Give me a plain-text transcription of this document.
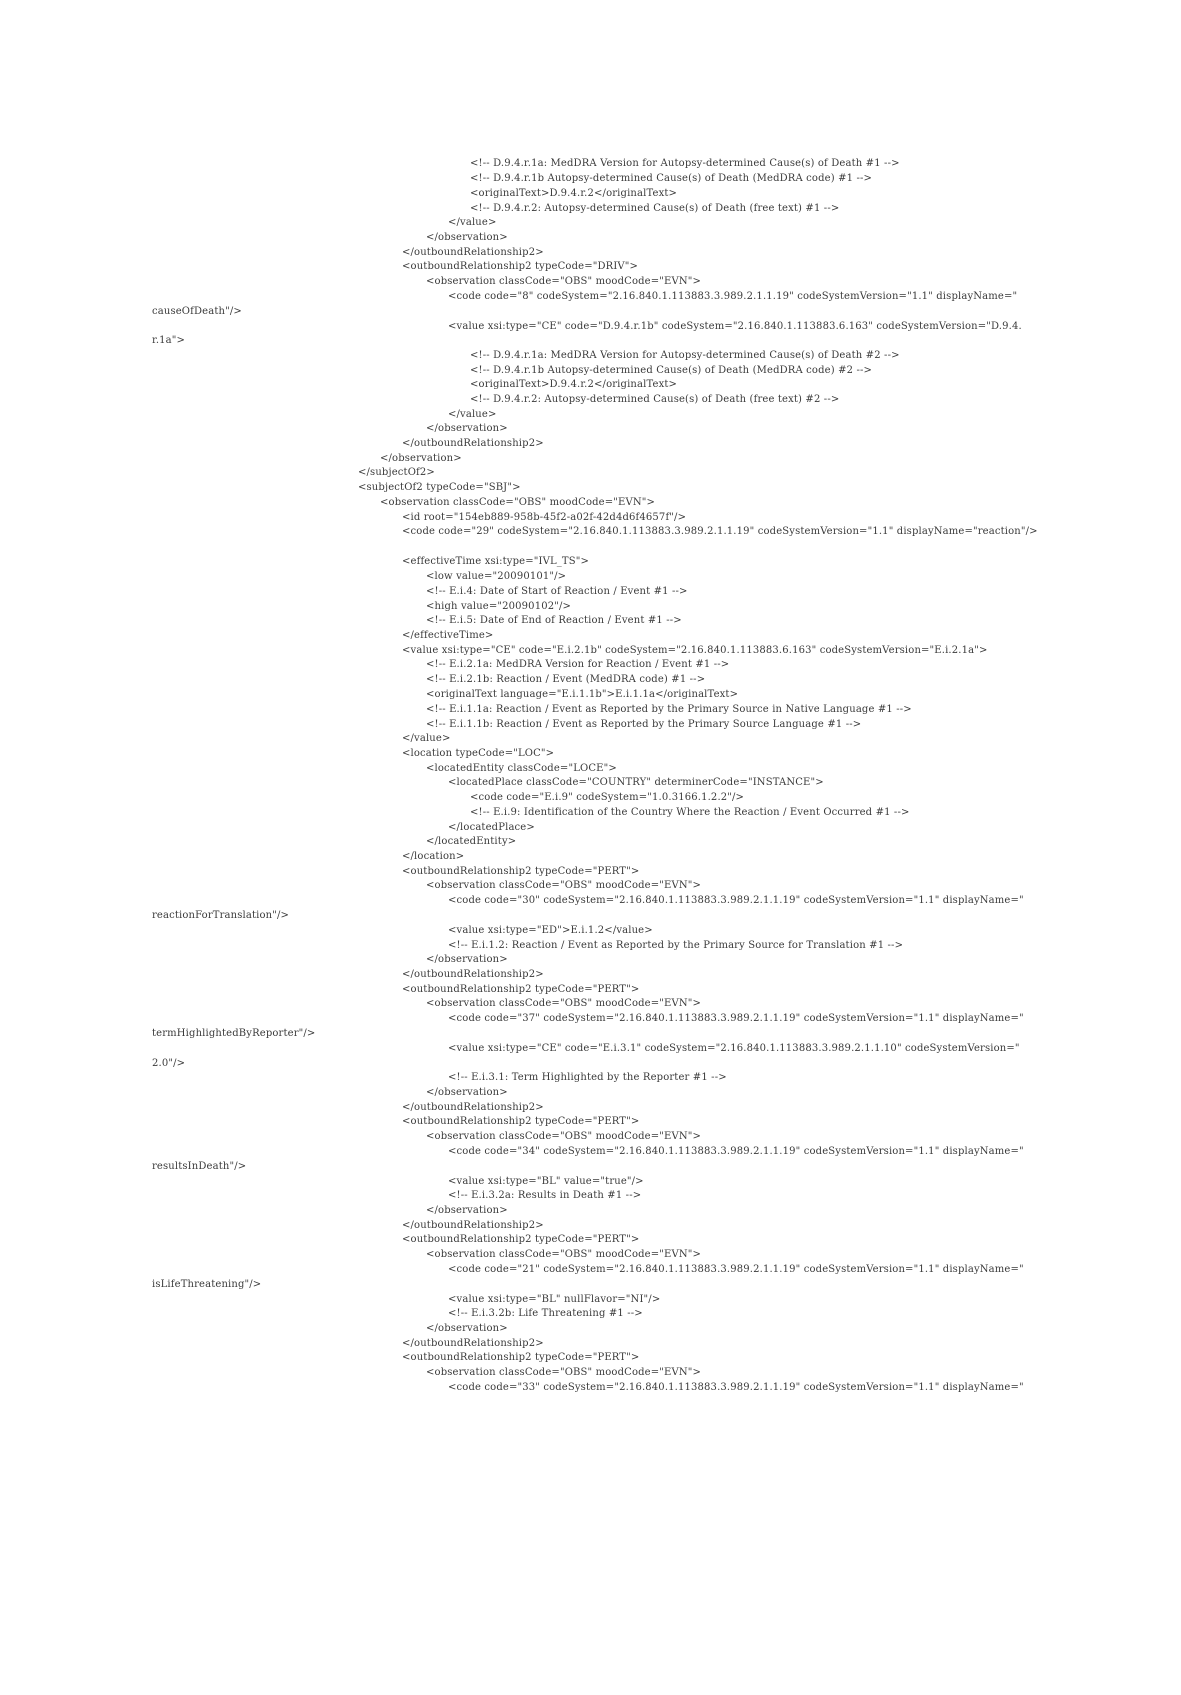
<!-- D.9.4.r.1a: MedDRA Version for Autopsy-determined Cause(s) of Death #1 -->

<!-- D.9.4.r.1b Autopsy-determined Cause(s) of Death (MedDRA code) #1 -->

<originalText>D.9.4.r.2</originalText>

<!-- D.9.4.r.2: Autopsy-determined Cause(s) of Death (free text) #1 -->

</value>

</observation>

</outboundRelationship2>

<outboundRelationship2 typeCode="DRIV">

<observation classCode="OBS" moodCode="EVN">

<code code="8" codeSystem="2.16.840.1.113883.3.989.2.1.1.19" codeSystemVersion="1.1" displayName="

causeOfDeath"/>

<value xsi:type="CE" code="D.9.4.r.1b" codeSystem="2.16.840.1.113883.6.163" codeSystemVersion="D.9.4.

r.1a">

<!-- D.9.4.r.1a: MedDRA Version for Autopsy-determined Cause(s) of Death #2 -->

<!-- D.9.4.r.1b Autopsy-determined Cause(s) of Death (MedDRA code) #2 -->

<originalText>D.9.4.r.2</originalText>

<!-- D.9.4.r.2: Autopsy-determined Cause(s) of Death (free text) #2 -->

</value>

</observation>

</outboundRelationship2>

</observation>

</subjectOf2>

<subjectOf2 typeCode="SBJ">

<observation classCode="OBS" moodCode="EVN">

<id root="154eb889-958b-45f2-a02f-42d4d6f4657f"/>

<code code="29" codeSystem="2.16.840.1.113883.3.989.2.1.1.19" codeSystemVersion="1.1" displayName="reaction"/>

<effectiveTime xsi:type="IVL_TS">

<low value="20090101"/>

<!-- E.i.4: Date of Start of Reaction / Event #1 -->

<high value="20090102"/>

<!-- E.i.5: Date of End of Reaction / Event #1 -->

</effectiveTime>

<value xsi:type="CE" code="E.i.2.1b" codeSystem="2.16.840.1.113883.6.163" codeSystemVersion="E.i.2.1a">

<!-- E.i.2.1a: MedDRA Version for Reaction / Event #1 -->

<!-- E.i.2.1b: Reaction / Event (MedDRA code) #1 -->

<originalText language="E.i.1.1b">E.i.1.1a</originalText>

<!-- E.i.1.1a: Reaction / Event as Reported by the Primary Source in Native Language #1 -->

<!-- E.i.1.1b: Reaction / Event as Reported by the Primary Source Language #1 -->

</value>

<location typeCode="LOC">

<locatedEntity classCode="LOCE">

<locatedPlace classCode="COUNTRY" determinerCode="INSTANCE">

<code code="E.i.9" codeSystem="1.0.3166.1.2.2"/>

<!-- E.i.9: Identification of the Country Where the Reaction / Event Occurred #1 -->

</locatedPlace>

</locatedEntity>

</location>

<outboundRelationship2 typeCode="PERT">

<observation classCode="OBS" moodCode="EVN">

<code code="30" codeSystem="2.16.840.1.113883.3.989.2.1.1.19" codeSystemVersion="1.1" displayName="

reactionForTranslation"/>

<value xsi:type="ED">E.i.1.2</value>

<!-- E.i.1.2: Reaction / Event as Reported by the Primary Source for Translation #1 -->

</observation>

</outboundRelationship2>

<outboundRelationship2 typeCode="PERT">

<observation classCode="OBS" moodCode="EVN">

<code code="37" codeSystem="2.16.840.1.113883.3.989.2.1.1.19" codeSystemVersion="1.1" displayName="

termHighlightedByReporter"/>

<value xsi:type="CE" code="E.i.3.1" codeSystem="2.16.840.1.113883.3.989.2.1.1.10" codeSystemVersion="

2.0"/>

<!-- E.i.3.1: Term Highlighted by the Reporter #1 -->

</observation>

</outboundRelationship2>

<outboundRelationship2 typeCode="PERT">

<observation classCode="OBS" moodCode="EVN">

<code code="34" codeSystem="2.16.840.1.113883.3.989.2.1.1.19" codeSystemVersion="1.1" displayName="

resultsInDeath"/>

<value xsi:type="BL" value="true"/>

<!-- E.i.3.2a: Results in Death #1 -->

</observation>

</outboundRelationship2>

<outboundRelationship2 typeCode="PERT">

<observation classCode="OBS" moodCode="EVN">

<code code="21" codeSystem="2.16.840.1.113883.3.989.2.1.1.19" codeSystemVersion="1.1" displayName="

isLifeThreatening"/>

<value xsi:type="BL" nullFlavor="NI"/>

<!-- E.i.3.2b: Life Threatening #1 -->

</observation>

</outboundRelationship2>

<outboundRelationship2 typeCode="PERT">

<observation classCode="OBS" moodCode="EVN">

<code code="33" codeSystem="2.16.840.1.113883.3.989.2.1.1.19" codeSystemVersion="1.1" displayName="
